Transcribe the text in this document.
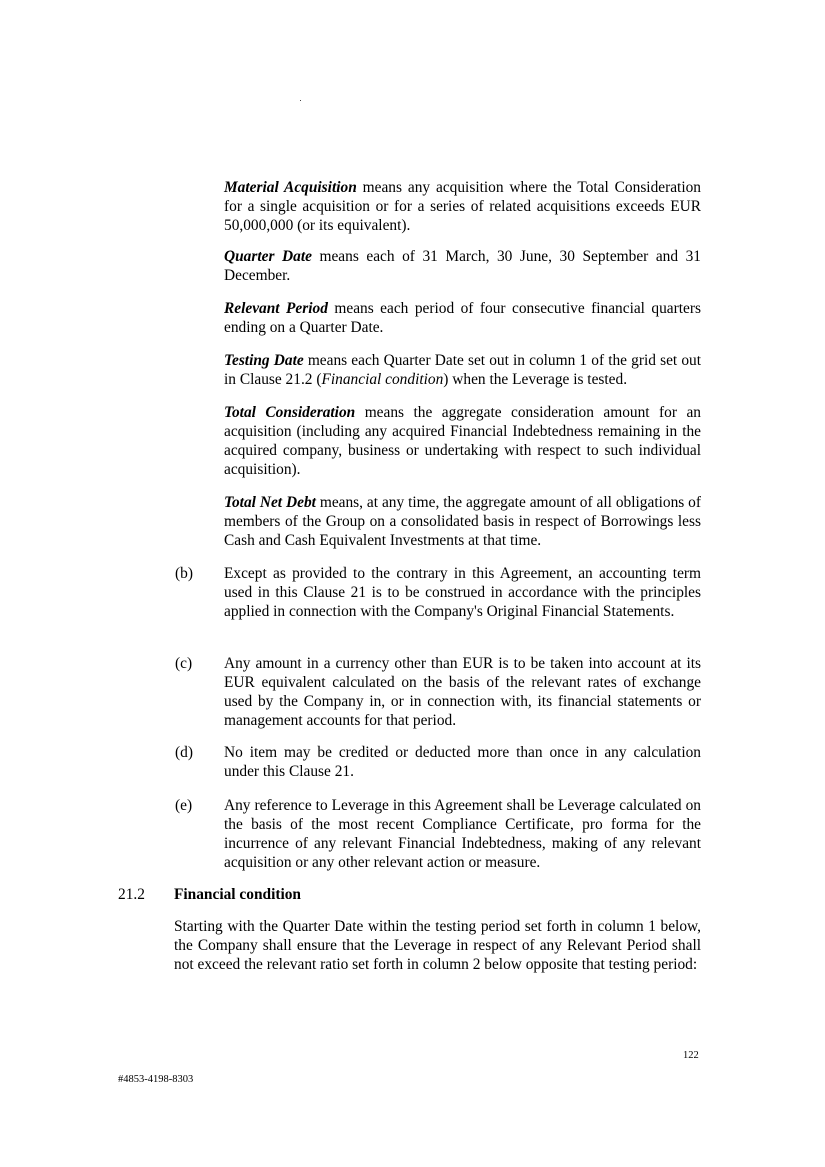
Material Acquisition means any acquisition where the Total Consideration for a single acquisition or for a series of related acquisitions exceeds EUR 50,000,000 (or its equivalent).

Quarter Date means each of 31 March, 30 June, 30 September and 31 December.

Relevant Period means each period of four consecutive financial quarters ending on a Quarter Date.

Testing Date means each Quarter Date set out in column 1 of the grid set out in Clause 21.2 (Financial condition) when the Leverage is tested.

Total Consideration means the aggregate consideration amount for an acquisition (including any acquired Financial Indebtedness remaining in the acquired company, business or undertaking with respect to such individual acquisition).

Total Net Debt means, at any time, the aggregate amount of all obligations of members of the Group on a consolidated basis in respect of Borrowings less Cash and Cash Equivalent Investments at that time.

(b) Except as provided to the contrary in this Agreement, an accounting term used in this Clause 21 is to be construed in accordance with the principles applied in connection with the Company's Original Financial Statements.
(c) Any amount in a currency other than EUR is to be taken into account at its EUR equivalent calculated on the basis of the relevant rates of exchange used by the Company in, or in connection with, its financial statements or management accounts for that period.
(d) No item may be credited or deducted more than once in any calculation under this Clause 21.
(e) Any reference to Leverage in this Agreement shall be Leverage calculated on the basis of the most recent Compliance Certificate, pro forma for the incurrence of any relevant Financial Indebtedness, making of any relevant acquisition or any other relevant action or measure.
21.2 Financial condition

Starting with the Quarter Date within the testing period set forth in column 1 below, the Company shall ensure that the Leverage in respect of any Relevant Period shall not exceed the relevant ratio set forth in column 2 below opposite that testing period:

122
#4853-4198-8303
